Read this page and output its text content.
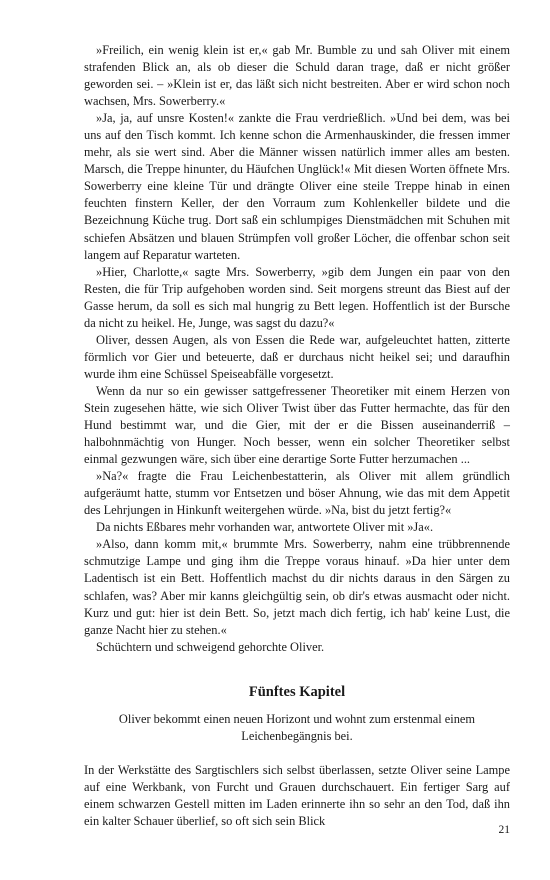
»Freilich, ein wenig klein ist er,« gab Mr. Bumble zu und sah Oliver mit einem strafenden Blick an, als ob dieser die Schuld daran trage, daß er nicht größer geworden sei. – »Klein ist er, das läßt sich nicht bestreiten. Aber er wird schon noch wachsen, Mrs. Sowerberry.«

»Ja, ja, auf unsre Kosten!« zankte die Frau verdrießlich. »Und bei dem, was bei uns auf den Tisch kommt. Ich kenne schon die Armenhauskinder, die fressen immer mehr, als sie wert sind. Aber die Männer wissen natürlich immer alles am besten. Marsch, die Treppe hinunter, du Häufchen Unglück!« Mit diesen Worten öffnete Mrs. Sowerberry eine kleine Tür und drängte Oliver eine steile Treppe hinab in einen feuchten finstern Keller, der den Vorraum zum Kohlenkeller bildete und die Bezeichnung Küche trug. Dort saß ein schlumpiges Dienstmädchen mit Schuhen mit schiefen Absätzen und blauen Strümpfen voll großer Löcher, die offenbar schon seit langem auf Reparatur warteten.

»Hier, Charlotte,« sagte Mrs. Sowerberry, »gib dem Jungen ein paar von den Resten, die für Trip aufgehoben worden sind. Seit morgens streunt das Biest auf der Gasse herum, da soll es sich mal hungrig zu Bett legen. Hoffentlich ist der Bursche da nicht zu heikel. He, Junge, was sagst du dazu?«

Oliver, dessen Augen, als von Essen die Rede war, aufgeleuchtet hatten, zitterte förmlich vor Gier und beteuerte, daß er durchaus nicht heikel sei; und daraufhin wurde ihm eine Schüssel Speiseabfälle vorgesetzt.

Wenn da nur so ein gewisser sattgefressener Theoretiker mit einem Herzen von Stein zugesehen hätte, wie sich Oliver Twist über das Futter hermachte, das für den Hund bestimmt war, und die Gier, mit der er die Bissen auseinanderriß – halbohnmächtig von Hunger. Noch besser, wenn ein solcher Theoretiker selbst einmal gezwungen wäre, sich über eine derartige Sorte Futter herzumachen ...

»Na?« fragte die Frau Leichenbestatterin, als Oliver mit allem gründlich aufgeräumt hatte, stumm vor Entsetzen und böser Ahnung, wie das mit dem Appetit des Lehrjungen in Hinkunft weitergehen würde. »Na, bist du jetzt fertig?«

Da nichts Eßbares mehr vorhanden war, antwortete Oliver mit »Ja«.

»Also, dann komm mit,« brummte Mrs. Sowerberry, nahm eine trübbrennende schmutzige Lampe und ging ihm die Treppe voraus hinauf. »Da hier unter dem Ladentisch ist ein Bett. Hoffentlich machst du dir nichts daraus in den Särgen zu schlafen, was? Aber mir kanns gleichgültig sein, ob dir's etwas ausmacht oder nicht. Kurz und gut: hier ist dein Bett. So, jetzt mach dich fertig, ich hab' keine Lust, die ganze Nacht hier zu stehen.«

Schüchtern und schweigend gehorchte Oliver.

Fünftes Kapitel
Oliver bekommt einen neuen Horizont und wohnt zum erstenmal einem Leichenbegängnis bei.

In der Werkstätte des Sargtischlers sich selbst überlassen, setzte Oliver seine Lampe auf eine Werkbank, von Furcht und Grauen durchschauert. Ein fertiger Sarg auf einem schwarzen Gestell mitten im Laden erinnerte ihn so sehr an den Tod, daß ihn ein kalter Schauer überlief, so oft sich sein Blick

21
